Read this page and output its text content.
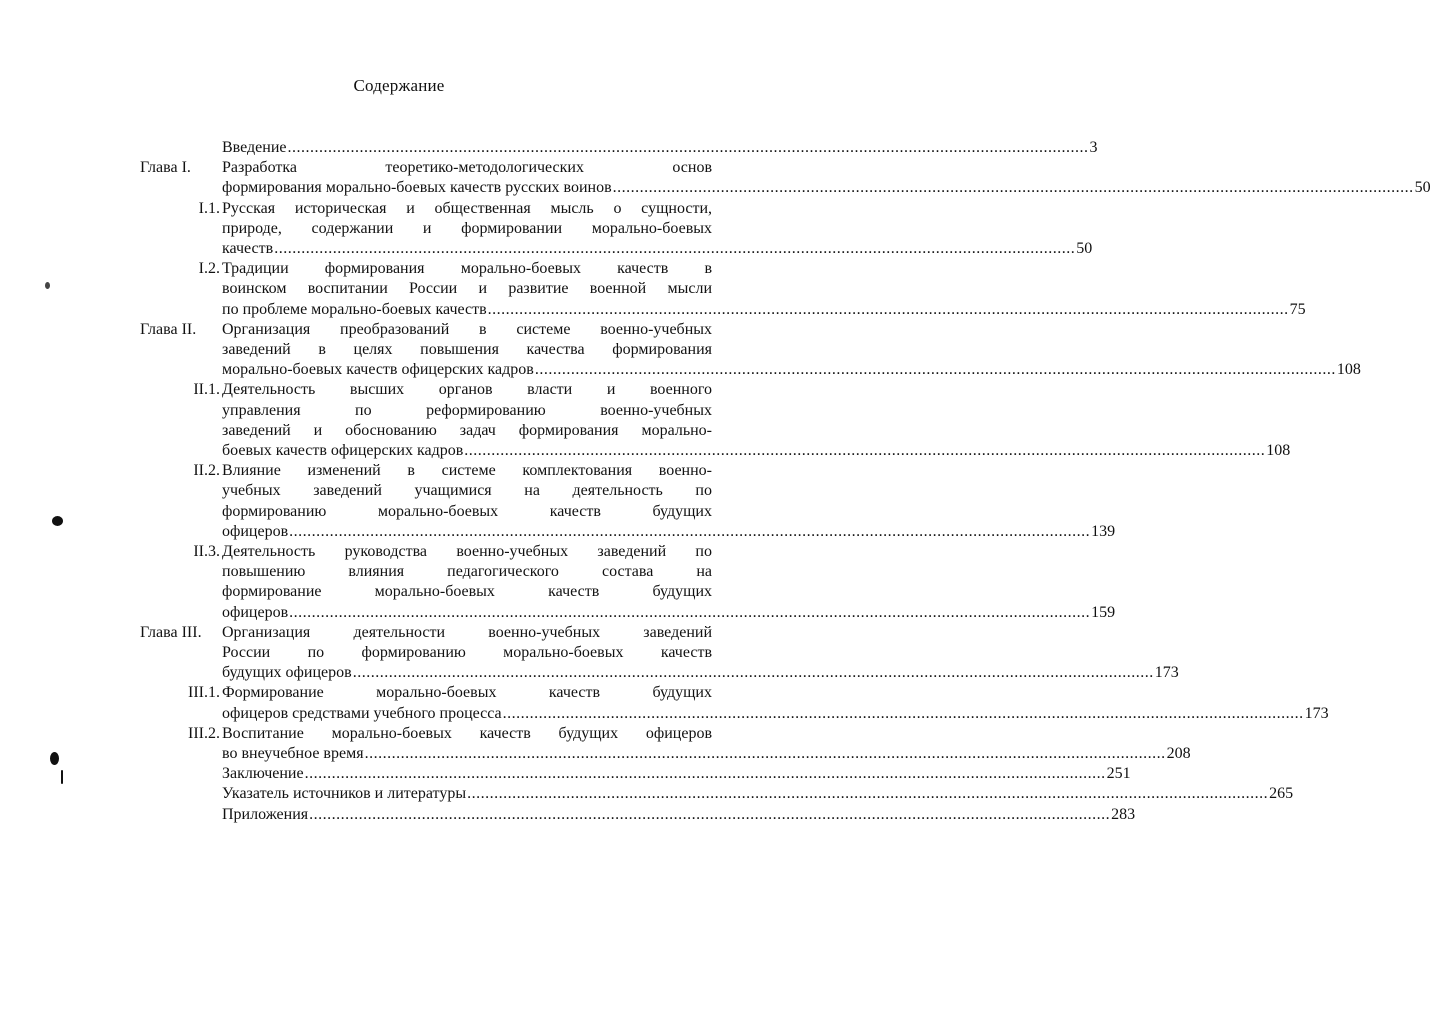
Содержание
Введение .................................................................................................................................................................................. 3
Глава I. Разработка теоретико-методологических основ
формирования морально-боевых качеств русских воинов .................................................................................................................................................................................. 50
I.1. Русская историческая и общественная мысль о сущности,
природе, содержании и формировании морально-боевых
качеств .................................................................................................................................................................................. 50
I.2. Традиции формирования морально-боевых качеств в
воинском воспитании России и развитие военной мысли
по проблеме морально-боевых качеств .................................................................................................................................................................................. 75
Глава II. Организация преобразований в системе военно-учебных
заведений в целях повышения качества формирования
морально-боевых качеств офицерских кадров .................................................................................................................................................................................. 108
II.1. Деятельность высших органов власти и военного
управления по реформированию военно-учебных
заведений и обоснованию задач формирования морально-
боевых качеств офицерских кадров .................................................................................................................................................................................. 108
II.2. Влияние изменений в системе комплектования военно-
учебных заведений учащимися на деятельность по
формированию морально-боевых качеств будущих
офицеров .................................................................................................................................................................................. 139
II.3. Деятельность руководства военно-учебных заведений по
повышению влияния педагогического состава на
формирование морально-боевых качеств будущих
офицеров .................................................................................................................................................................................. 159
Глава III. Организация деятельности военно-учебных заведений
России по формированию морально-боевых качеств
будущих офицеров .................................................................................................................................................................................. 173
III.1. Формирование морально-боевых качеств будущих
офицеров средствами учебного процесса .................................................................................................................................................................................. 173
III.2. Воспитание морально-боевых качеств будущих офицеров
во внеучебное время .................................................................................................................................................................................. 208
Заключение .................................................................................................................................................................................. 251
Указатель источников и литературы .................................................................................................................................................................................. 265
Приложения .................................................................................................................................................................................. 283
